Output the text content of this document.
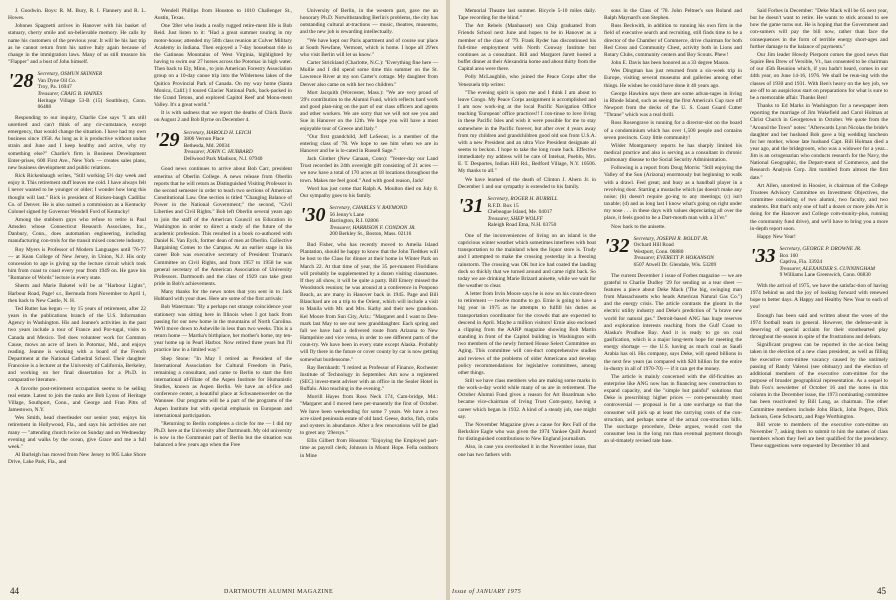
J. Goodwin. Boys: R. M. Bury, R. I. Flannery and R. L. Howes.

Johnnes Spagnetti arrives in Hanover with his basket of statuary, cherry smile and un-believable memory. He calls by name his customers of the previous year. It will be his last trip as he cannot return from his native Italy again because of change in the immigration laws. Many of us still treasure his "Flapper" and a bust of John himself.

'28 Secretary, OSMUN SKINNER
Van Dyne Oil Co.
Troy, Pa. 16947
Treasurer, CRAIG B. HAINES
Heritage Village 53-B (15) Southbury, Conn. 06488

Responding to our inquiry, Charlie Coe says "I am still unretired and can't think of any cir-cumstance, except emergency, that would change the situation. I have had my own business since 1958. As long as it is productive without undue strain and June and I keep healthy and active, why try something else?" Charlie's firm is Business Development Enter-prises, 600 First Ave., New York — creates sales plans, new business development and public relations.

Rick Rickenbaugh writes, "Still working 5½ day week and enjoy it. This retirement stuff leaves me cold. I have always felt I never wanted to be younger or older; I wonder how long this thought will last." Rick is president of Ricken-baugh Cadillac Co. of Denver. He is also named a commission as a Kentucky Colonel signed by Governor Wendell Ford of Kentucky!

Among the stubborn guys who refuse to retire is Paul Amsden whose Connecticut Research Associates, Inc., Danbury, Conn., does automation engineering, including manufacturing con-trols for the transit mixed concrete industry.

Roy Myers is Professor of Modern Languages until '76-77 — at Kean College of New Jersey, in Union, N.J. His only concession to age is giving up the lecture circuit which took him from coast to coast every year from 1949 on. He gave his "Romance of Words" lecture in every state.

Sherm and Marie Baketel will be at "Harbour Lights", Harbour Road, Page! s.t., Bermuda from November to April 1, then back to New Castle, N. H.

Ted Rutter has begun — by 15 years of retirement, after 22 years in the publications branch of the U.S. Information Agency in Washington. His and Jeanne's activities in the past two years include a tour of France and Por-tugal, visits to Canada and Mexico. Ted does volunteer work for Common Cause, mows an acre of lawn in Potomac, Md., and enjoys reading. Jeanne is working with a board of the French Department at the National Cathedral School. Their daughter Francoise is a lecturer at the University of California, Berkeley, and working on her final dissertation for a Ph.D. in comparative literature.

A favorite post-retirement occupation seems to be selling real estate. Latest to join the ranks are Bob Lyons of Heritage Village, Southport, Conn., and George and Fran Pitts of Jamestown, N.Y.

Wes Smith, head cheerleader our senior year, enjoys his retirement in Hollywood, Fla., and says his activities are not many — "attending church twice on Sunday and on Wednesday evening and walks by the ocean, give Grace and me a full week."

Al Burleigh has moved from New Jersey to 905 Lake Shore Drive, Lake Park, Fla., and

Wendell Phillips from Houston to 1010 Challenger St., Austin, Texas.

One '28er who leads a really rugged retire-ment life is Bob Reid. Just listen to it: "Had a great summer touring in my motor-house; attended my 50th class reunion at Culver Military Academy in Indiana. Then enjoyed a 7-day houseboat ride in the Gatineau Mountains of West Virginia, highlighted by having to swim our 27 horses across the Potomac in high water. Then back to Ely, Minn., to join American Forestry Association group on a 10-day canoe trip into the Wilderness lakes of the Quitico Provincial Park of Canada. On my way home (Santa Monica, Calif.) I toured Glacier National Park, back-packed in the Grand Tetons, and explored Capitol Reef and Monu-ment Valley. It's a great world."

It is with sadness that we report the deaths of Chick Davis on August 2 and Bob Byrne on December 4.

'29 Secretary, HAROLD H. LEICH
3806 Vernon Place
Bethesda, Md. 20034
Treasurer, JOHN C. HUBBARD
Dellwood Park Madison, N.J. 07940

Good news continues to arrive about Bob Carr, president emeritus of Oberlin College. A news release from Oberlin reports that he will return as Distinguished Visiting Professor in the second semester in order to teach two sections of American Constitutional Law. One section is titled "Changing Balance of Power in the National Government;" the second, "Civil Liberties and Civil Rights." Bob left Oberlin several years ago to join the staff of the American Council on Education in Washington in order to direct a study of the future of the academic profession. This resulted in a book co-authored with Daniel K. Van Eyck, former dean of men at Oberlin. Collective Bargaining Comes to the Campus. At an earlier stage in his career Bob was executive secretary of President Truman's Committee on Civil Rights, and from 1957 to 1958 he was general secretary of the American Association of University Professors. Dartmouth and the class of 1929 can take great pride in Bob's achievements.

Many thanks for the news notes that you sent in to Jack Hubbard with your dues. Here are some of the first arrivals:

Bob Waterman: "By a perhaps not strange coincidence your stationery was sitting here in Illinois when I got back from passing for our new home in the mountains of North Carolina. We'll move down to Asheville in less than two weeks. This is a return home — Martha's birthplace, her mother's home, my ten-year home up in Pearl Harbor. Now retired three years but I'll practice law in a limited way."

Shep Stone: "In May I retired as President of the International Association for Cultural Freedom in Paris, remaining a consultant, and came to Berlin to start the first international af-filiate of the Aspen Institute for Humanistic Studies, known as Aspen Berlin. We have an of-fice and conference center, a beautiful place at Schwanenwerder on the Wannsee. Our programs will be a part of the programs of the Aspen Institute but with special emphasis on European and international participation.

"Returning to Berlin completes a circle for me — I did my Ph.D. here at the University after Dartmouth. My old university is now in the Communist part of Berlin but the situation was balanced a few years ago when the Free

University of Berlin, in the western part, gave me an honorary Ph.D. Notwithstanding Berlin's problems, the city has outstanding cultural at-tractions — music, theatres, museums, and the new job is rewarding intellectually.

"We have kept our Paris apartment and of course our place at South Newfane, Vermont, which is home. I hope all 29'ers who visit Berlin will let us know."

Carter Strickland (Charlotte, N.C.): "Everything fine here — Mollie and I did spend some time this summer on the St. Lawrence River at my son Carter's cottage. My daughter from Denver also came on with her two children."

Mort Jacquith (Worcester, Mass.): "We are very proud of '29's contribution to the Alumni Fund, which reflects hard work and good plan-ning on the part of our class officers and agents and other workers. We are sorry that we will not see you and Sue in Hanover on the 12th. We hope you will have a most enjoyable tour of Greece and Italy."

"Our first grandchild, Jeff LeSeour, is a member of the entering class of '78. We hope to see him when we are in Hanover and he is lo-cated in Russell Sage."

Jack Ginther (New Canaan, Conn): "Yester-day our Land Trust recorded its 24th oversight gift consisting of 21 acres — we now have a total of 170 acres at 18 locations throughout the town. Makes me feel good." And with good reason, Jack!

Word has just come that Ralph A. Moulton died on July 8. Our sympathy goes to his family.

'30 Secretary, CHARLES V. RAYMOND
56 Jenny's Lane
Barrington, R.I. 02806
Treasurer, HARRISON F. CONDON JR.
200 Berkley St., Boston, Mass. 02116

Bud Fisher, who has recently moved to Amelia Island Plantation, should be happy to know that the John Tiedtkes will be host to the Class for dinner at their home in Winter Park on March 22. At that time of year, the 35 per-manent Floridians will probably be supplemented by a dozen visiting classmates. If they all show, it will be quite a party. Bill Emery missed the Woodstock reunion; he was around at a conference in Ponpono Beach, as are many in Hanover back in 1945. Page and Bill Blanchard are on a trip to the Orient, which will include a visit to Manila with Mr. and Mrs. Kathy and their new grandson. Kel Moore from Sun City, Ariz.: "Margaret and I want to Den-mark last May to see our new granddaughter. Each spring and fall we have had a delivered route from Arizona to New Hampshire and vice versa, in order to see different parts of the coun-try. We have been in every state except Alaska. Probably will fly there in the future or cover county by car is now getting somewhat burdensome."

Ray Bernhardt: "I retired as Professor of Finance, Rochester Institute of Technology in September. Am now a registered (SEC) invest-ment adviser with an office in the Sealer Hotel in Buffalo. Also teaching in the evening."

Morrill Hayes from Ross Neck 174, Cam-bridge, Md.: "Margaret and I moved here per-manently the first of October. We have been weekending for some 7 years. We have a two acre sized peninsula estate of old land. Geese, ducks, fish, crabs and oysters in abundance. After a few renovations will be glad to greet any '29ersys."

Ellis Gilbert from Houston: "Enjoying the Employed part-time as payroll clerk; Johnson in Mount Hope. Fella outdoors in Mine

44

Memorial Theatre last summer. Bicycle 5-10 miles daily. Tape recording for the blind."

The Art Rebels (Manhasset) son Chip graduated from Friends School next June and hopes to be in Hanover as a member of the class of '79. Frank Ryder has discontinued his full-time employment with North Conway Institute but continues as a consultant. Bill and Margaret Jarett hosted a buffet dinner at their Alexandria home and about thirty from the Capital area were there.

Polly McLaughlin, who joined the Peace Corps after the Venezuela trip writes:

"The evening spirit is upon me and I think I am about to leave Congo. My Peace Corps assignment is accomplished and I am now work-ing at the local Pacific Navigation Office teaching 'European' office practices!! I con-tinue to love living in these Pacific Isles and wish it were possible for me to stay somewhere in the Pacific forever, but after over 4 years away from my children and grandchildren good old son from U.S.A. with a new President and an ultra Vice President designate all seems to beckon. I hope to take the long route back. Effective immediately my address will be care of Intelsat, Pueblo, Mrs. E. T. Desportes, Indian Hill Rd., Bedford Village, N.Y. 10506. My thanks to all."

We have learned of the death of Clinton J. Ahern Jr. in December 1 and our sympathy is extended to his family.

'31 Secretary, ROGER H. BURRILL
R.F.D. Box 15
Chebeague Island, Me. 04017
Treasurer, SHEP WOLFF
Raleigh Road Etna, N.H. 03750

One of the inconveniences of living on an island is the capricious winter weather which sometimes interferes with boat transportation to the mainland when the liquor store is. Trudy and I attempted to make the crossing yesterday in a freezing rainstorm. The crossing was OK but ice had coated the landing dock so thickly that we turned around and came right back. So today we are drinking Marie Brizard anisette, while we wait for the weather to clear.

A letter from Irvin Moore says he is now on his count-down to retirement — twelve months to go. Ernie is going to have a big year in 1975 as he attempts to fulfill his duties as transportation coordinator for the crowds that are expected to descend in April. Maybe a million visitors! Ernie also enclosed a clipping from the AARP magazine showing Bob Martin standing in front of the Capitol building in Washington with two members of the newly formed House Select Committee on Aging. This committee will con-duct comprehensive studies and reviews of the problems of older Americans and develop policy recommendations for legislative committees, among other things.

Still we have class members who are making some marks in the work-a-day world while many of us are in retirement. The October Alumni Fund gives a reason for Art Boardman who became vice-chairman of Irving Trust Com-pany, having a career which began in 1932. A kind of a steady job, one might say.

The November Magazine gives a cause for Rex Fall of the Berkshire Eagle who was given the 1974 Yankee Quill Award for distinguished contributions to New England journalism.

Also, in case you overlooked it in the November issue, that one has two fathers with

sons in the Class of '78. John Peltner's son Roland and Ralph Maynard's son Stephen.

Russ Beckwith, in addition to running his own firm in the field of executive search and recruiting, still finds time to be a director of the Chamber of Commerce, drive chairman for both Red Cross and Community Chest, activity both in Lions and Rotary Clubs, community centers and Boy Scouts. Phew!

John E. Davis has been honored as a 33 degree Mason.

Wes Dingman has just returned from a six-week trip in Europe, visiting several museums and galleries among other things. He wishes he could have done it 40 years ago.

George Hawkins says there are some advan-tages in living in Rhode Island, such as seeing the first America's Cup race off Newport from the decks of the U. S. Coast Guard Cutter "Thrane" which was a real thrill.

Ross Rosengrave is running for a director-slot on the board of a condominium which has over 1,500 people and contains seven precincts. Cozy little community!

Wilder Montgomery reports he has sharply limited his medical practice and also is serving as a consultant in chronic pulmonary disease to the Social Security Administration.

Following is a report from Doug Morris: "Still enjoying the Valley of the Sun (Arizona) enormously but beginning to walk with a drawl. Feel great; and busy as a handball player in a revolving door. Starting a mustache which (as doesn't make any noise; (b) doesn't require go-ing to any meetings; (c) isn't taxable; (d) and as long last I know what's going on right under my nose . . . in these days with values depreciating all over the place, it feels good to be a Dart-mouth man with a 31'er."

Now back to the anisette.

'32 Secretary, JOSEPH R. BOLDT JR.
Orchard Hill Road
Westport, Conn. 06880
Treasurer, EVERETT P. HOKANSON
6507 Atwell Dr. Glendale, Wis. 53209

The current December 1 issue of Forbes magazine — we are grateful to Charlie Dudley '29 for sending us a tear sheet — features a piece about Deke Mack ('The big, swinging man from Massachusetts who heads American Natural Gas Co.") and the energy crisis. The article contrasts the gloom in the electric utility industry and Deke's prediction of "a brave new world for natural gas." Detroit-based ANG has huge reserves and exploration interests reaching from the Gulf Coast to Alaska's Prudhoe Bay. And it is ready to go on coal gasification, which is a major long-term hope for meeting the energy shortage — the U.S. having as much coal as Saudi Arabia has oil. His company, says Deke, will spend billions in the next few years (as compared with $20 billion for the entire in-dustry in all of 1970-70) — if it can get the money.

The article is mainly concerned with the dif-ficulties an enterprise like ANG now has in financing new construction to expand capacity, and the "simple but painful" solutions that Deke is prescribing: higher prices — com-pensurably most controversial — proposal is for a rate surcharge so that the consumer will pick up at least the carrying costs of the con-struction, and perhaps some of the actual con-struction bills. The surcharge procedure, Deke argues, would cost the consumer less in the long run than eventual payment through an ul-timately revised rate base.

Said Forbes in December: "Deke Mack will be 65 next year, but he doesn't want to retire. He wants to stick around to see how the game turns out. He is hoping that the Government and con-sumers will pay the bill now, rather than face the consequences in the form of terrible energy short-ages and further damage to the balance of payments."

Our Jim leader Howdy Pierpont comes the good news that Squire Ben Drew of Versible, Vt., has consented to be chairman of our 45th Reunion which, if you hadn't heard, comes in our 44th year, on June 14-16, 1976. We shall be reun-ing with the classes of 1930 and 1931. With Ben's heavy on the key job, we are off to an auspicious start on preparations for what is sure to be a memorable affair. Thanks Ben!

Thanks to Ed Marks in Washington for a newspaper item reporting the marriage of Jim Wakefield and Carol Holman at Christ Church in Georgetown in October. We quote from the "Around the Town" notes: "Afterwards Lynn Nicolas the bride's daughter and her husband Bob gave a big wedding luncheon for her mother, whose late husband Capt. Bill Holman died a year ago, and the bridegroom, who was a widower for a year... Jim is an octogenarian who conducts research for the Navy, the National Geographic, the Depart-ment of Commerce, and the Research Analysis Corp. Jim tumbled from almost the first date."

Art Allen, unretired in Hoosier, is chairman of the College Trustees Advisory Committee on Investment Objectives, the committee consisting of two alumni, two faculty, and two students. But that's only one of half a dozen or more jobs Art is doing for the Hanover and College com-munity-plus, running the community fund drive), and we'll have to bring you a more in-depth report soon.

Happy New Year!

'33 Secretary, GEORGE P. DROWNE JR.
Box 160
Captiva, Fla. 33924
Treasurer, ALEXANDER S. CUNNINGHAM
9 Williams Lane Greenwich, Conn. 06830

With the arrival of 1975, we have the satisfac-tion of having 1974 behind us and the joy of looking forward with renewed hope to better days. A Happy and Healthy New Year to each of you!

Enough has been said and written about the woes of the 1974 football team in general. However, the defense-unit is deserving of special acclaim for their stouthearted play throughout the season in spite of the frustrations and defeats.

Significant progress can be reported in the ac-tion being taken in the election of a new class president, as well as filling the executive com-mittee vacancy caused by the untimely passing of Randy Valensi (see obituary) and the election of additional members of the executive com-mittee for the purpose of broader geographical representation. As a sequel to Bob Fox's newsletter of October 16 and the notes in this column in the December issue, the 1973 nominating committee has been reactivated by Bill Lang, as chairman. The other Committee members include John Black, John Pogers, Dick Jackson, Gene Schwartz, and Page Worthington.

Bill wrote to members of the executive com-mittee on November 7, asking them to submit to him the names of class members whom they feel are best qualified for the presidency. These suggestions were requested by December 10 and

DARTMOUTH ALUMNI MAGAZINE	Issue of JANUARY 1975	45
